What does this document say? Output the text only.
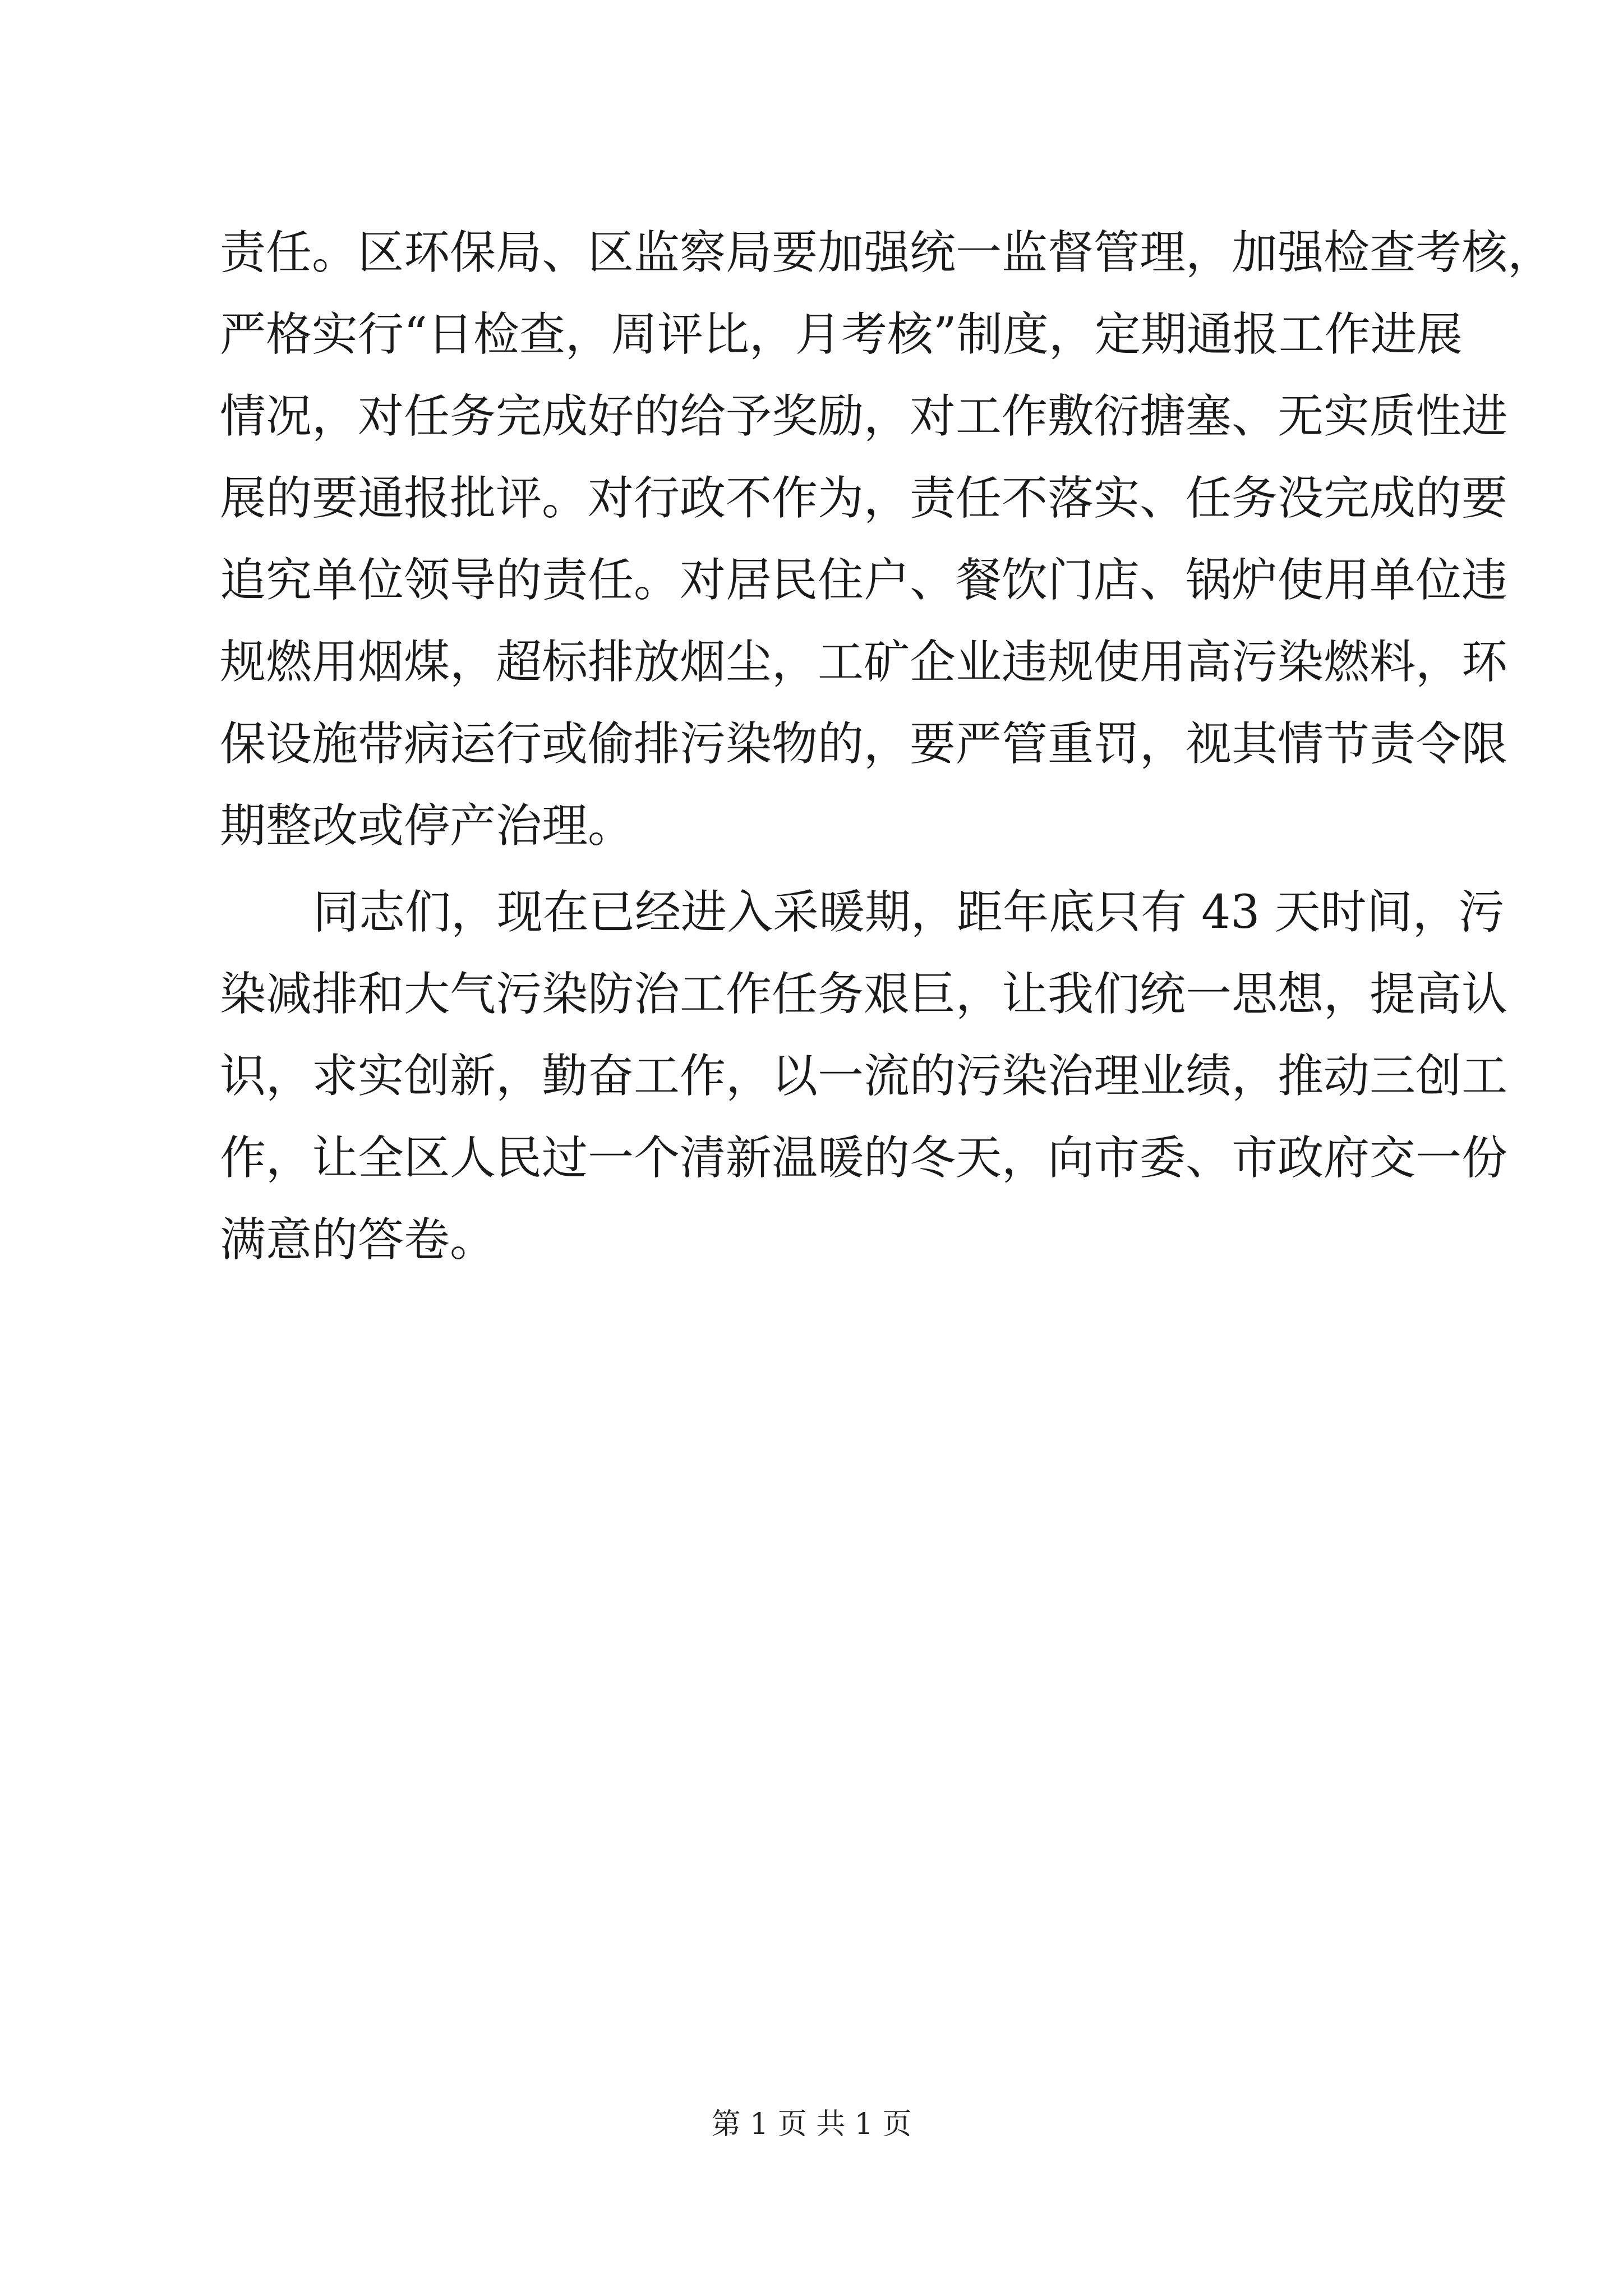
责任。区环保局、区监察局要加强统一监督管理，加强检查考核，
严格实行“日检查，周评比，月考核”制度，定期通报工作进展
情况，对任务完成好的给予奖励，对工作敷衍搪塞、无实质性进
展的要通报批评。对行政不作为，责任不落实、任务没完成的要
追究单位领导的责任。对居民住户、餐饮门店、锅炉使用单位违
规燃用烟煤，超标排放烟尘，工矿企业违规使用高污染燃料，环
保设施带病运行或偷排污染物的，要严管重罚，视其情节责令限
期整改或停产治理。
同志们，现在已经进入采暖期，距年底只有 43 天时间，污
染减排和大气污染防治工作任务艰巨，让我们统一思想，提高认
识，求实创新，勤奋工作，以一流的污染治理业绩，推动三创工
作，让全区人民过一个清新温暖的冬天，向市委、市政府交一份
满意的答卷。
第 1 页 共 1 页
